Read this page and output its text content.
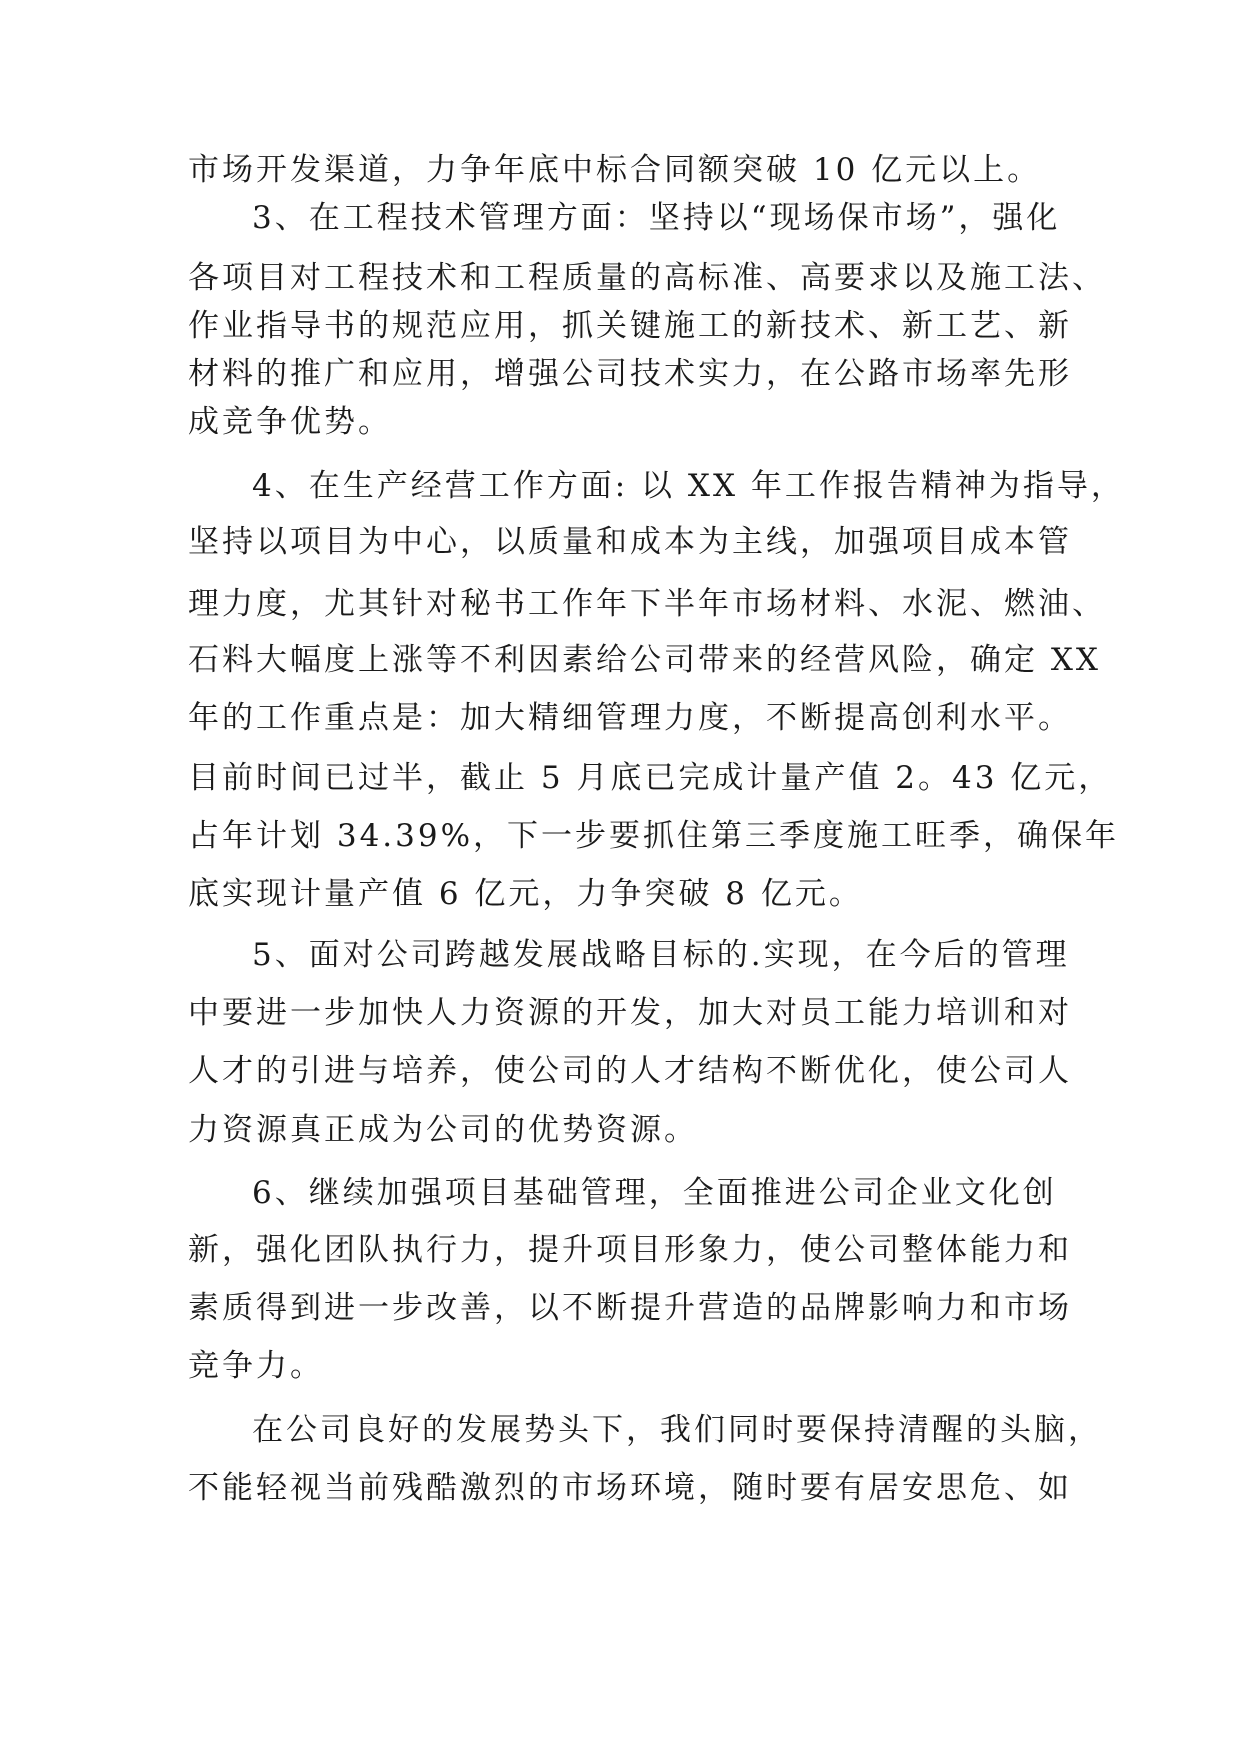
市场开发渠道，力争年底中标合同额突破 10 亿元以上。
3、在工程技术管理方面：坚持以“现场保市场”，强化
各项目对工程技术和工程质量的高标准、高要求以及施工法、
作业指导书的规范应用，抓关键施工的新技术、新工艺、新
材料的推广和应用，增强公司技术实力，在公路市场率先形
成竞争优势。
4、在生产经营工作方面: 以 XX 年工作报告精神为指导，
坚持以项目为中心，以质量和成本为主线，加强项目成本管
理力度，尤其针对秘书工作年下半年市场材料、水泥、燃油、
石料大幅度上涨等不利因素给公司带来的经营风险，确定 XX
年的工作重点是：加大精细管理力度，不断提高创利水平。
目前时间已过半，截止 5 月底已完成计量产值 2。43 亿元，
占年计划 34.39%，下一步要抓住第三季度施工旺季，确保年
底实现计量产值 6 亿元，力争突破 8 亿元。
5、面对公司跨越发展战略目标的.实现，在今后的管理
中要进一步加快人力资源的开发，加大对员工能力培训和对
人才的引进与培养，使公司的人才结构不断优化，使公司人
力资源真正成为公司的优势资源。
6、继续加强项目基础管理，全面推进公司企业文化创
新，强化团队执行力，提升项目形象力，使公司整体能力和
素质得到进一步改善，以不断提升营造的品牌影响力和市场
竞争力。
在公司良好的发展势头下，我们同时要保持清醒的头脑，
不能轻视当前残酷激烈的市场环境，随时要有居安思危、如
